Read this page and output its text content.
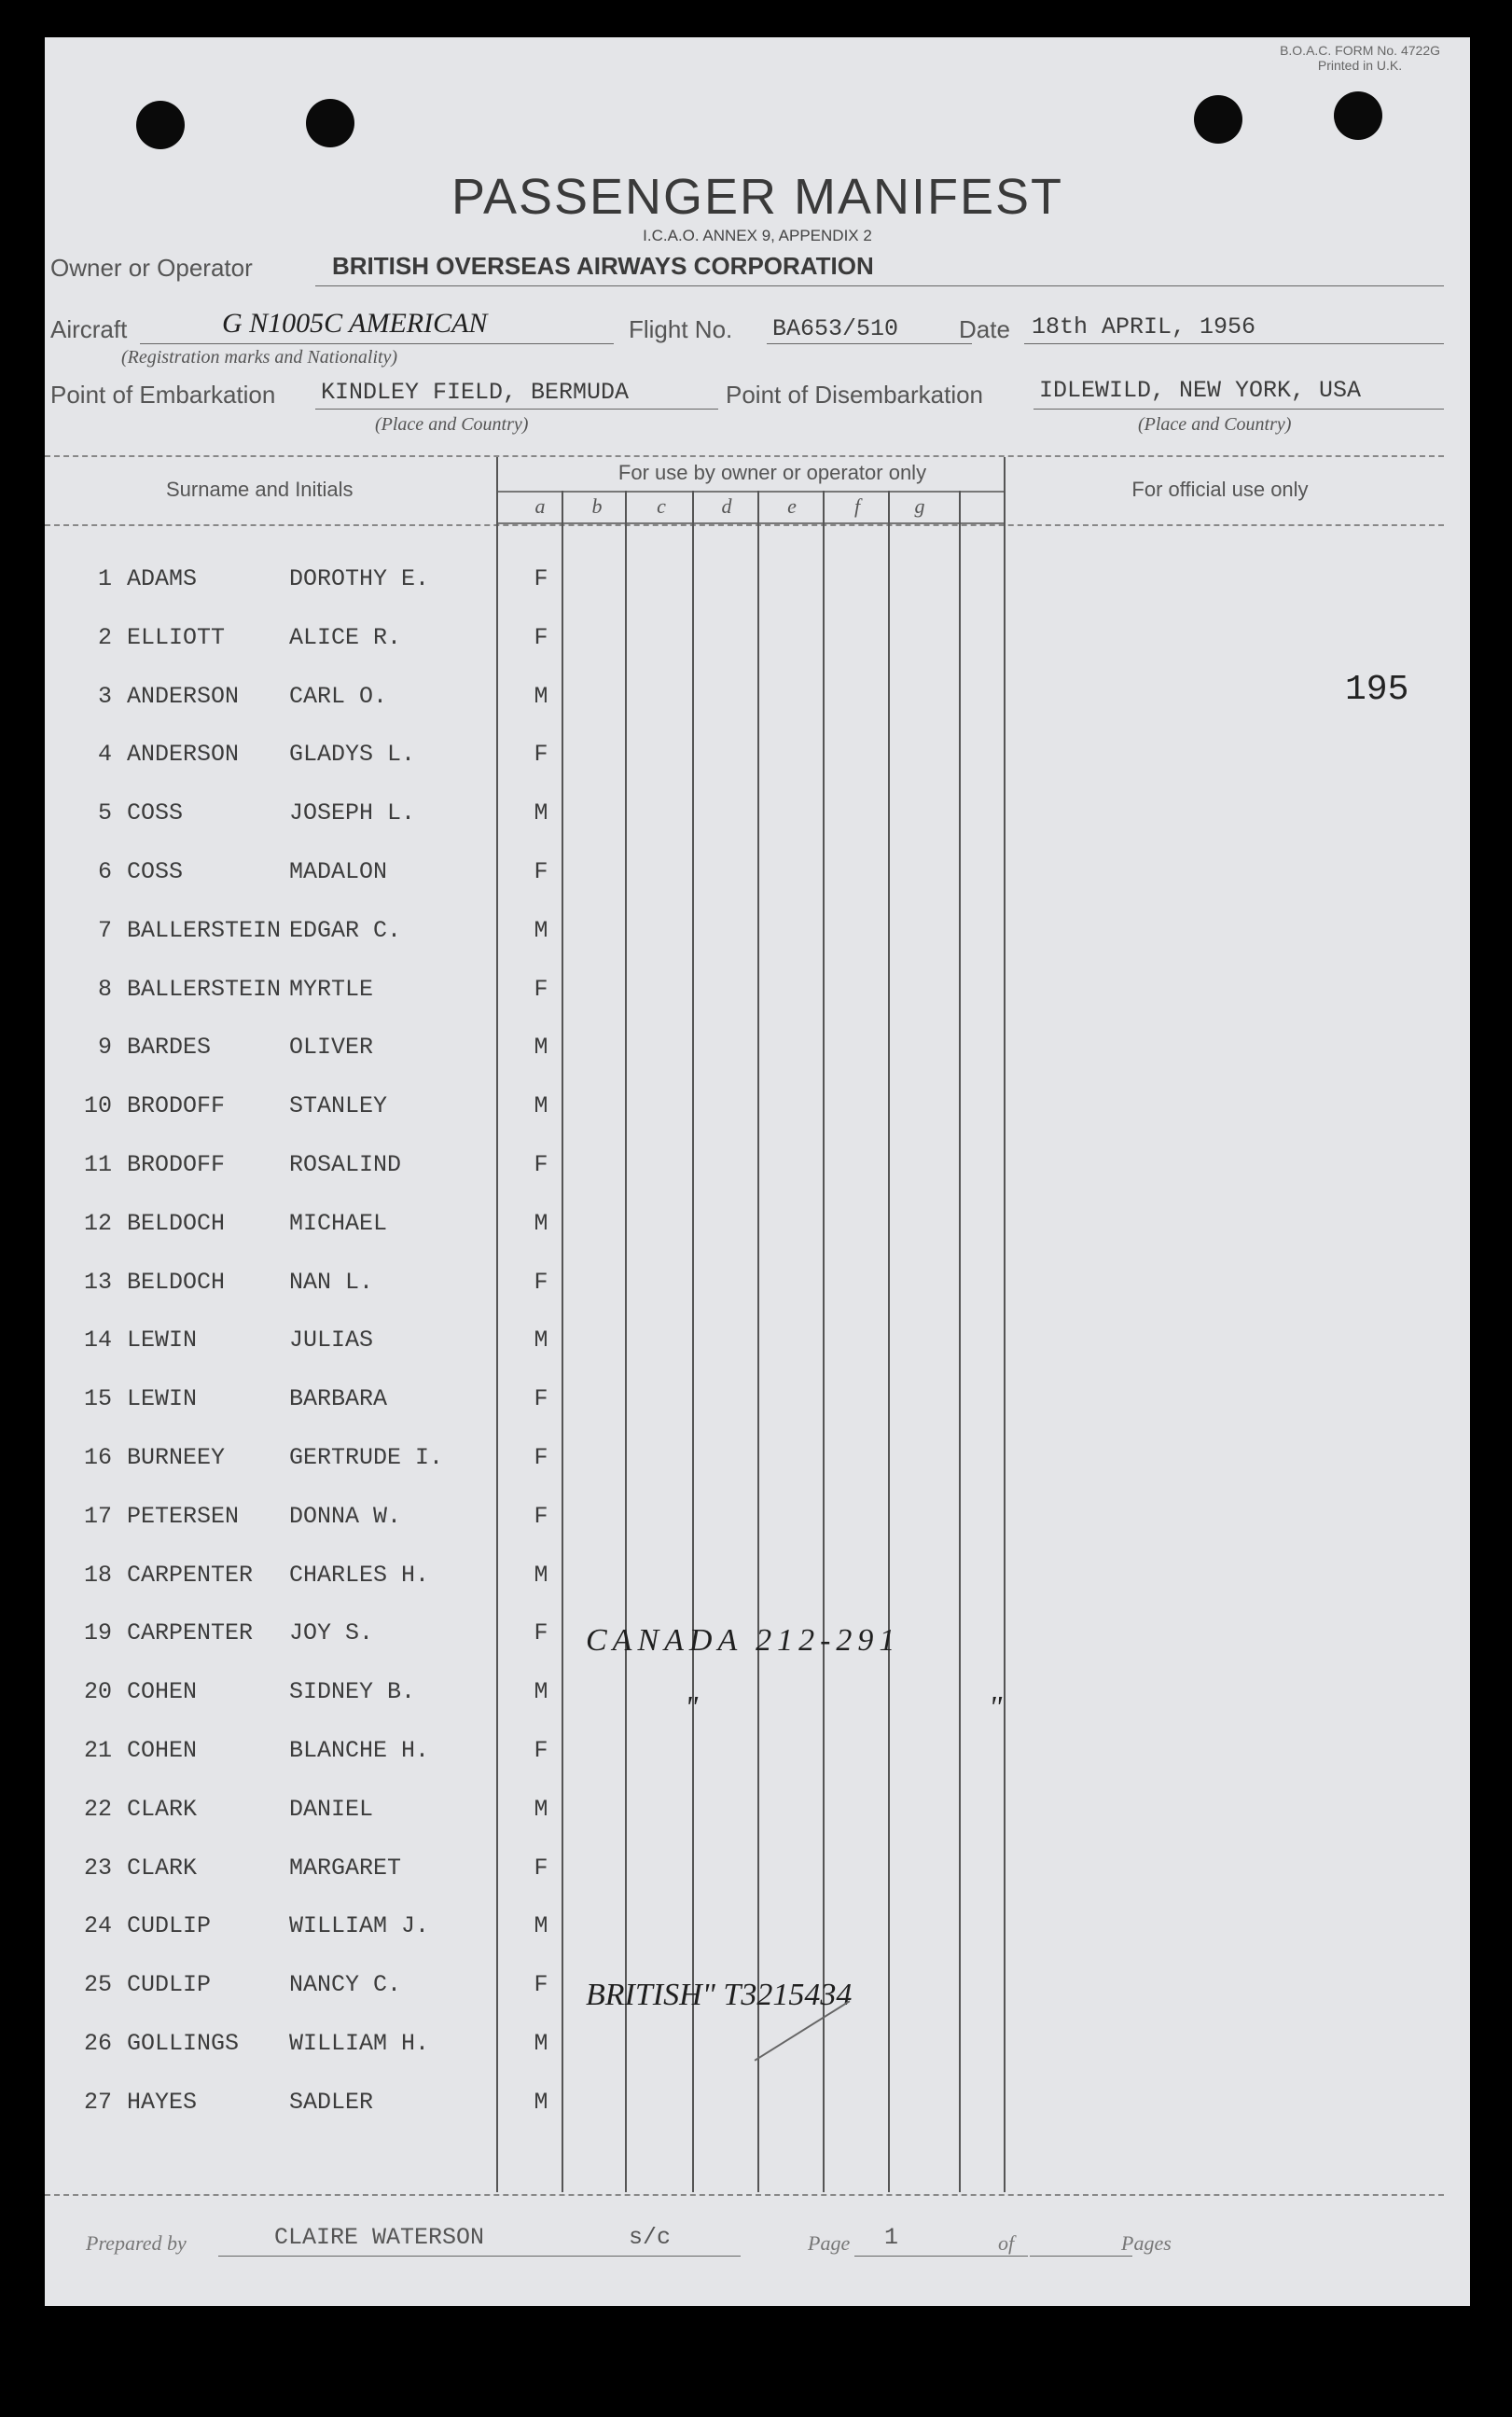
B.O.A.C. FORM No. 4722G
Printed in U.K.
PASSENGER MANIFEST
I.C.A.O. ANNEX 9, APPENDIX 2
Owner or Operator	BRITISH OVERSEAS AIRWAYS CORPORATION
Aircraft	G N1005C AMERICAN
(Registration marks and Nationality)
Flight No. BA653/510 Date 18th APRIL, 1956
Point of Embarkation KINDLEY FIELD, BERMUDA
(Place and Country)
Point of Disembarkation IDLEWILD, NEW YORK, USA
(Place and Country)
Surname and Initials
For use by owner or operator only
For official use only
a	b	c	d	e	f	g
195
1 ADAMS	DOROTHY E.	F
2 ELLIOTT	ALICE R.	F
3 ANDERSON CARL O.	M
4 ANDERSON GLADYS L.	F
5 COSS	JOSEPH L.	M
6 COSS	MADALON	F
7 BALLERSTEIN EDGAR C.	M
8 BALLERSTEIN MYRTLE	F
9 BARDES	OLIVER	M
10 BRODOFF	STANLEY	M
11 BRODOFF	ROSALIND	F
12 BELDOCH	MICHAEL	M
13 BELDOCH	NAN L.	F
14 LEWIN	JULIAS	M
15 LEWIN	BARBARA	F
16 BURNEEY	GERTRUDE I.	F
17 PETERSEN DONNA W.	F
18 CARPENTER CHARLES H.	M
19 CARPENTER JOY S.	F
20 COHEN	SIDNEY B.	M
21 COHEN	BLANCHE H.	F
22 CLARK	DANIEL	M
23 CLARK	MARGARET	F
24 CUDLIP	WILLIAM J.	M
25 CUDLIP	NANCY C.	F
26 GOLLINGS WILLIAM H.	M
27 HAYES	SADLER	M
CANADA 212-291
"	"
BRITISH" T3215434
Prepared by	CLAIRE WATERSON	s/c	Page 1	of	Pages
